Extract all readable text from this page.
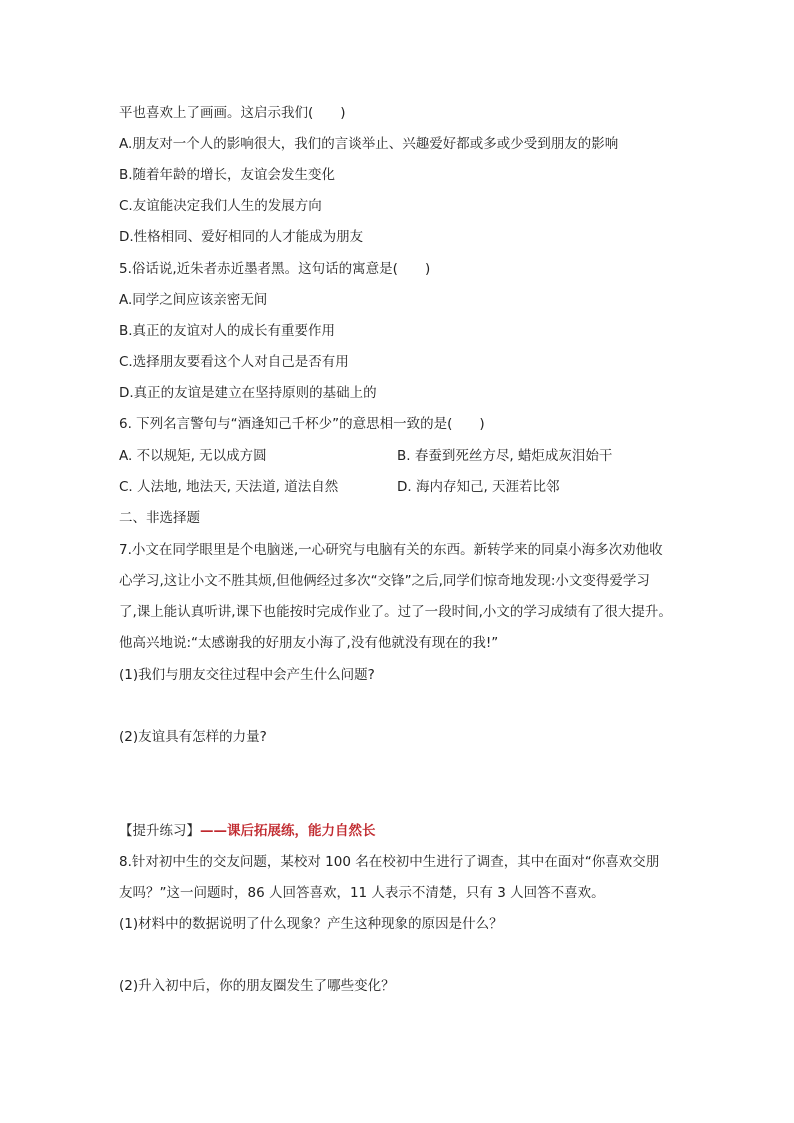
平也喜欢上了画画。这启示我们(　　)
A.朋友对一个人的影响很大，我们的言谈举止、兴趣爱好都或多或少受到朋友的影响
B.随着年龄的增长，友谊会发生变化
C.友谊能决定我们人生的发展方向
D.性格相同、爱好相同的人才能成为朋友
5.俗话说,近朱者赤近墨者黑。这句话的寓意是(　　)
A.同学之间应该亲密无间
B.真正的友谊对人的成长有重要作用
C.选择朋友要看这个人对自己是否有用
D.真正的友谊是建立在坚持原则的基础上的
6. 下列名言警句与“酒逢知己千杯少”的意思相一致的是(　　)
A. 不以规矩, 无以成方圆	B. 春蚕到死丝方尽, 蜡炬成灰泪始干
C. 人法地, 地法天, 天法道, 道法自然	D. 海内存知己, 天涯若比邻
二、非选择题
7.小文在同学眼里是个电脑迷,一心研究与电脑有关的东西。新转学来的同桌小海多次劝他收
心学习,这让小文不胜其烦,但他俩经过多次“交锋”之后,同学们惊奇地发现:小文变得爱学习
了,课上能认真听讲,课下也能按时完成作业了。过了一段时间,小文的学习成绩有了很大提升。
他高兴地说:“太感谢我的好朋友小海了,没有他就没有现在的我!”
(1)我们与朋友交往过程中会产生什么问题?
(2)友谊具有怎样的力量?
【提升练习】——课后拓展练，能力自然长
8.针对初中生的交友问题，某校对 100 名在校初中生进行了调查，其中在面对“你喜欢交朋
友吗？”这一问题时，86 人回答喜欢，11 人表示不清楚，只有 3 人回答不喜欢。
(1)材料中的数据说明了什么现象？产生这种现象的原因是什么？
(2)升入初中后，你的朋友圈发生了哪些变化？
